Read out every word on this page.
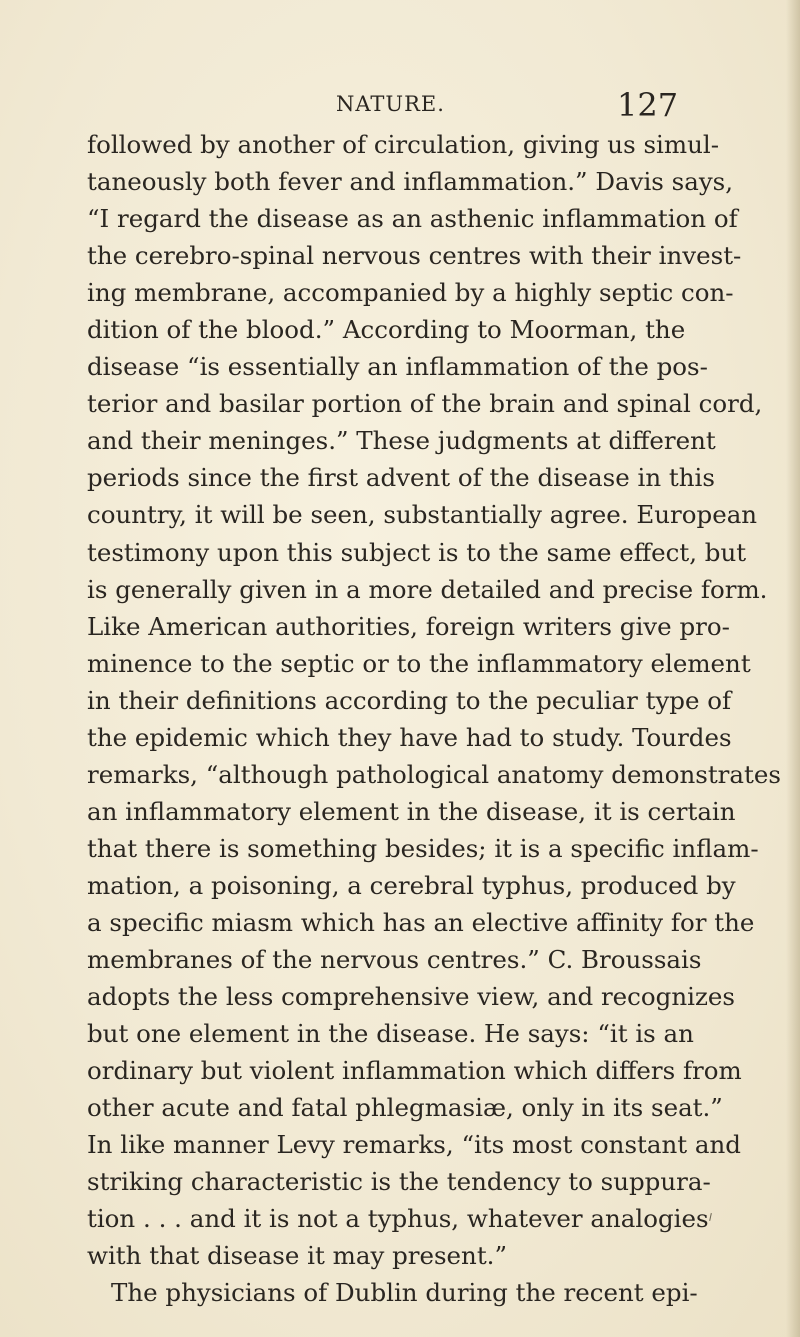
NATURE.	127

followed by another of circulation, giving us simul-
taneously both fever and inflammation.” Davis says,
“I regard the disease as an asthenic inflammation of
the cerebro-spinal nervous centres with their invest-
ing membrane, accompanied by a highly septic con-
dition of the blood.” According to Moorman, the
disease “is essentially an inflammation of the pos-
terior and basilar portion of the brain and spinal cord,
and their meninges.” These judgments at different
periods since the first advent of the disease in this
country, it will be seen, substantially agree. European
testimony upon this subject is to the same effect, but
is generally given in a more detailed and precise form.
Like American authorities, foreign writers give pro-
minence to the septic or to the inflammatory element
in their definitions according to the peculiar type of
the epidemic which they have had to study. Tourdes
remarks, “although pathological anatomy demonstrates
an inflammatory element in the disease, it is certain
that there is something besides; it is a specific inflam-
mation, a poisoning, a cerebral typhus, produced by
a specific miasm which has an elective affinity for the
membranes of the nervous centres.” C. Broussais
adopts the less comprehensive view, and recognizes
but one element in the disease. He says: “it is an
ordinary but violent inflammation which differs from
other acute and fatal phlegmasiæ, only in its seat.”
In like manner Levy remarks, “its most constant and
striking characteristic is the tendency to suppura-
tion . . . and it is not a typhus, whatever analogies
with that disease it may present.”
The physicians of Dublin during the recent epi-
